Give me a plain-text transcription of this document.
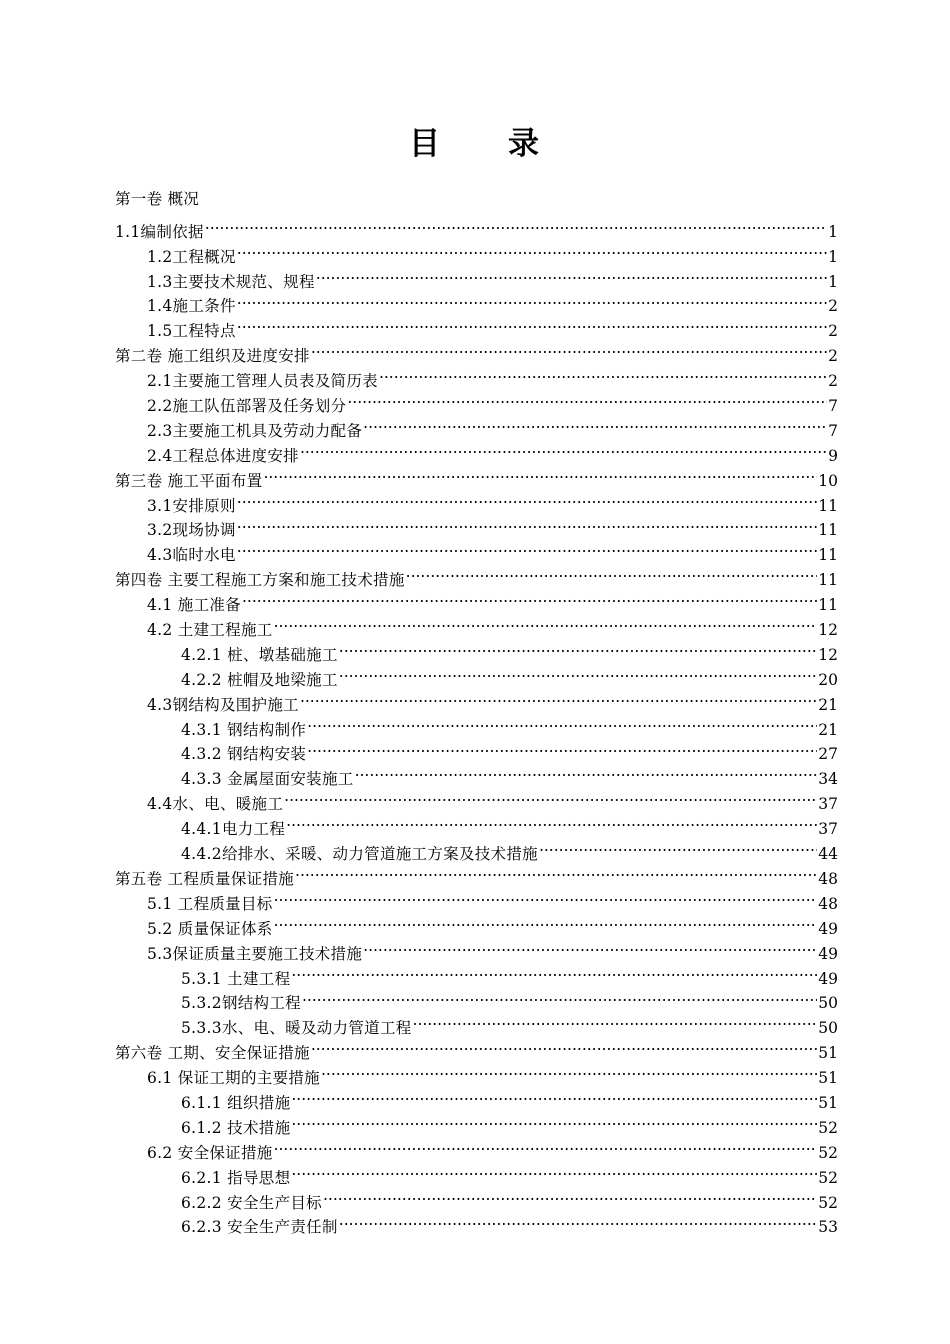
目 录
第一卷 概况
1.1编制依据 .....	1
1.2工程概况 .....	1
1.3主要技术规范、规程 .....	1
1.4施工条件 .....	2
1.5工程特点 .....	2
第二卷 施工组织及进度安排 .....	2
2.1主要施工管理人员表及简历表 .....	2
2.2施工队伍部署及任务划分 .....	7
2.3主要施工机具及劳动力配备 .....	7
2.4工程总体进度安排 .....	9
第三卷 施工平面布置 .....	10
3.1安排原则 .....	11
3.2现场协调 .....	11
4.3临时水电 .....	11
第四卷 主要工程施工方案和施工技术措施 .....	11
4.1 施工准备 .....	11
4.2 土建工程施工 .....	12
4.2.1 桩、墩基础施工 .....	12
4.2.2 桩帽及地梁施工 .....	20
4.3钢结构及围护施工 .....	21
4.3.1 钢结构制作 .....	21
4.3.2 钢结构安装 .....	27
4.3.3 金属屋面安装施工 .....	34
4.4水、电、暖施工 .....	37
4.4.1电力工程 .....	37
4.4.2给排水、采暖、动力管道施工方案及技术措施 .....	44
第五卷 工程质量保证措施 .....	48
5.1 工程质量目标 .....	48
5.2 质量保证体系 .....	49
5.3保证质量主要施工技术措施 .....	49
5.3.1 土建工程 .....	49
5.3.2钢结构工程 .....	50
5.3.3水、电、暖及动力管道工程 .....	50
第六卷 工期、安全保证措施 .....	51
6.1 保证工期的主要措施 .....	51
6.1.1 组织措施 .....	51
6.1.2 技术措施 .....	52
6.2 安全保证措施 .....	52
6.2.1 指导思想 .....	52
6.2.2 安全生产目标 .....	52
6.2.3 安全生产责任制 .....	53
